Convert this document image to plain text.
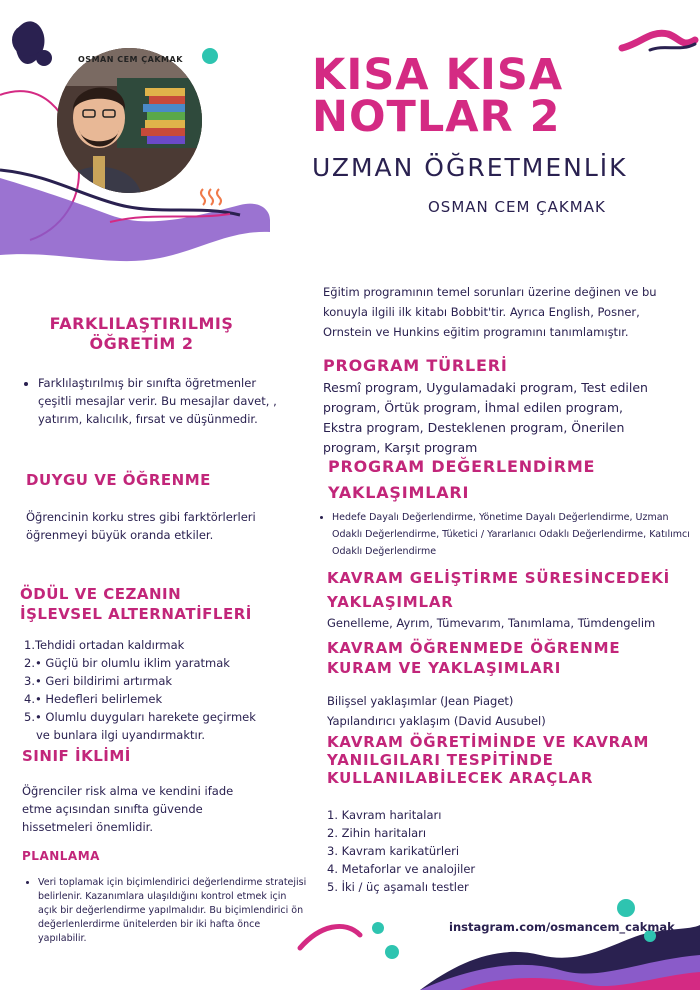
OSMAN CEM ÇAKMAK	KISA KISA
NOTLAR 2
UZMAN ÖĞRETMENLİK
OSMAN CEM ÇAKMAK
FARKLILAŞTIRILMIŞ
ÖĞRETİM 2
• Farklılaştırılmış bir sınıfta öğretmenler çeşitli mesajlar verir. Bu mesajlar davet, , yatırım, kalıcılık, fırsat ve düşünmedir.
DUYGU VE ÖĞRENME
Öğrencinin korku stres gibi farktörlerleri öğrenmeyi büyük oranda etkiler.
ÖDÜL VE CEZANIN
İŞLEVSEL ALTERNATİFLERİ
1.Tehdidi ortadan kaldırmak
2.• Güçlü bir olumlu iklim yaratmak
3.• Geri bildirimi artırmak
4.• Hedefleri belirlemek
5.• Olumlu duyguları harekete geçirmek
ve bunlara ilgi uyandırmaktır.
SINIF İKLİMİ
Öğrenciler risk alma ve kendini ifade etme açısından sınıfta güvende hissetmeleri önemlidir.
PLANLAMA
• Veri toplamak için biçimlendirici değerlendirme stratejisi belirlenir. Kazanımlara ulaşıldığını kontrol etmek için açık bir değerlendirme yapılmalıdır. Bu biçimlendirici ön değerlenlerdirme ünitelerden bir iki hafta önce yapılabilir.
Eğitim programının temel sorunları üzerine değinen ve bu konuyla ilgili ilk kitabı Bobbit'tir. Ayrıca English, Posner, Ornstein ve Hunkins eğitim programını tanımlamıştır.
PROGRAM TÜRLERİ
Resmî program, Uygulamadaki program, Test edilen program, Örtük program, İhmal edilen program, Ekstra program, Desteklenen program, Önerilen program, Karşıt program
PROGRAM DEĞERLENDİRME
YAKLAŞIMLARI
• Hedefe Dayalı Değerlendirme, Yönetime Dayalı Değerlendirme, Uzman Odaklı Değerlendirme, Tüketici / Yararlanıcı Odaklı Değerlendirme, Katılımcı Odaklı Değerlendirme
KAVRAM GELİŞTİRME SÜRESİNCEDEKİ
YAKLAŞIMLAR
Genelleme, Ayrım, Tümevarım, Tanımlama, Tümdengelim
KAVRAM ÖĞRENMEDE ÖĞRENME
KURAM VE YAKLAŞIMLARI
Bilişsel yaklaşımlar (Jean Piaget)
Yapılandırıcı yaklaşım (David Ausubel)
KAVRAM ÖĞRETİMİNDE VE KAVRAM
YANILGILARI TESPİTİNDE
KULLANILABİLECEK ARAÇLAR
1. Kavram haritaları
2. Zihin haritaları
3. Kavram karikatürleri
4. Metaforlar ve analojiler
5. İki / üç aşamalı testler
instagram.com/osmancem_cakmak
